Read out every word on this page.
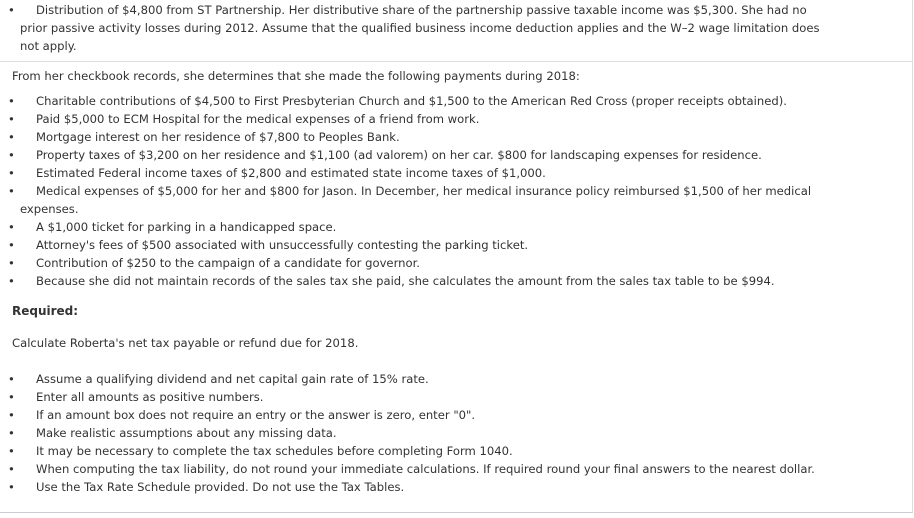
• Distribution of $4,800 from ST Partnership. Her distributive share of the partnership passive taxable income was $5,300. She had no
prior passive activity losses during 2012. Assume that the qualified business income deduction applies and the W–2 wage limitation does
not apply.
From her checkbook records, she determines that she made the following payments during 2018:
• Charitable contributions of $4,500 to First Presbyterian Church and $1,500 to the American Red Cross (proper receipts obtained).
• Paid $5,000 to ECM Hospital for the medical expenses of a friend from work.
• Mortgage interest on her residence of $7,800 to Peoples Bank.
• Property taxes of $3,200 on her residence and $1,100 (ad valorem) on her car. $800 for landscaping expenses for residence.
• Estimated Federal income taxes of $2,800 and estimated state income taxes of $1,000.
• Medical expenses of $5,000 for her and $800 for Jason. In December, her medical insurance policy reimbursed $1,500 of her medical
expenses.
• A $1,000 ticket for parking in a handicapped space.
• Attorney's fees of $500 associated with unsuccessfully contesting the parking ticket.
• Contribution of $250 to the campaign of a candidate for governor.
• Because she did not maintain records of the sales tax she paid, she calculates the amount from the sales tax table to be $994.
Required:
Calculate Roberta's net tax payable or refund due for 2018.
• Assume a qualifying dividend and net capital gain rate of 15% rate.
• Enter all amounts as positive numbers.
• If an amount box does not require an entry or the answer is zero, enter "0".
• Make realistic assumptions about any missing data.
• It may be necessary to complete the tax schedules before completing Form 1040.
• When computing the tax liability, do not round your immediate calculations. If required round your final answers to the nearest dollar.
• Use the Tax Rate Schedule provided. Do not use the Tax Tables.
